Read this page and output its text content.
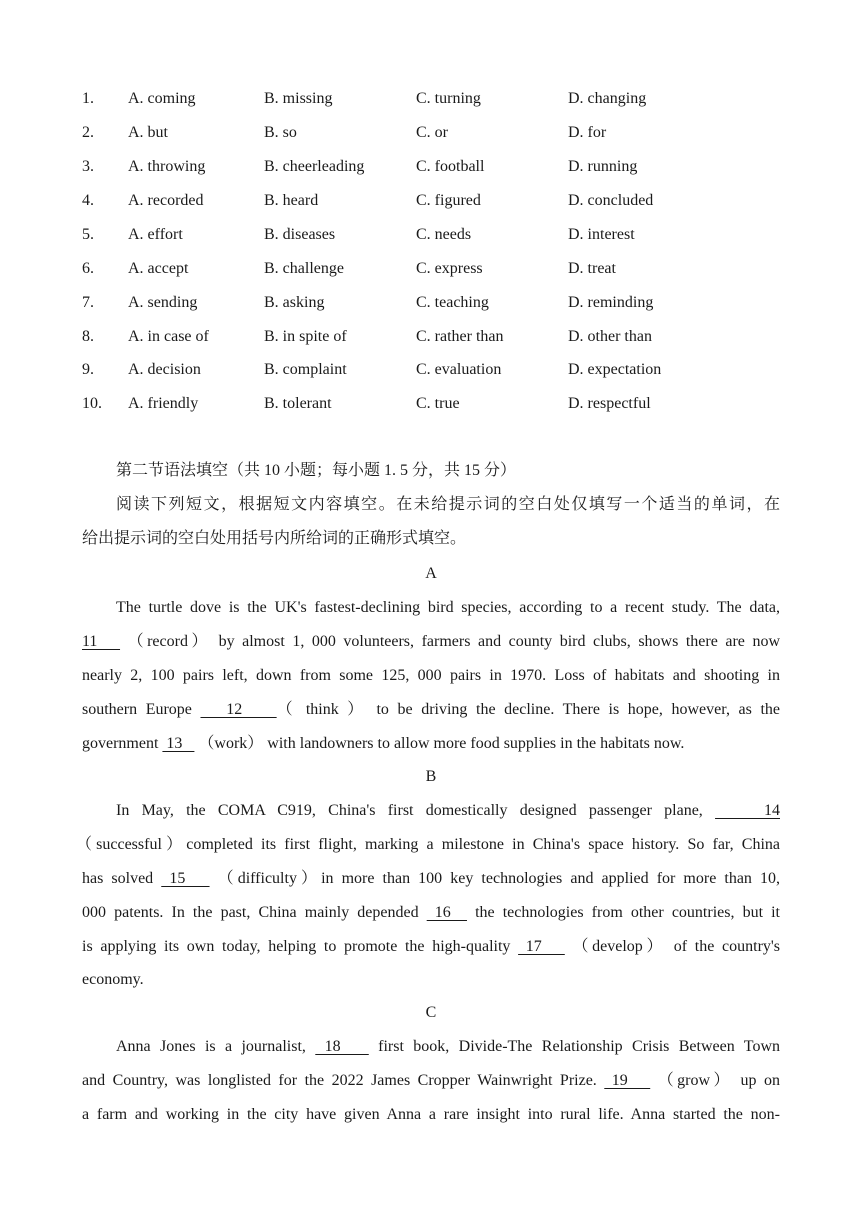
1. A. coming	B. missing	C. turning	D. changing
2. A. but	B. so	C. or	D. for
3. A. throwing	B. cheerleading	C. football	D. running
4. A. recorded	B. heard	C. figured	D. concluded
5. A. effort	B. diseases	C. needs	D. interest
6. A. accept	B. challenge	C. express	D. treat
7. A. sending	B. asking	C. teaching	D. reminding
8. A. in case of	B. in spite of	C. rather than	D. other than
9. A. decision	B. complaint	C. evaluation	D. expectation
10. A. friendly	B. tolerant	C. true	D. respectful
第二节语法填空（共 10 小题；每小题 1. 5 分，共 15 分）
阅读下列短文，根据短文内容填空。在未给提示词的空白处仅填写一个适当的单词，在
给出提示词的空白处用括号内所给词的正确形式填空。
A
The turtle dove is the UK's fastest-declining bird species, according to a recent study. The data,
11    （record） by almost 1, 000 volunteers, farmers and county bird clubs, shows there are now
nearly 2, 100 pairs left, down from some 125, 000 pairs in 1970. Loss of habitats and shooting in
southern Europe    12    （ think ） to be driving the decline. There is hope, however, as the
government  13    （work） with landowners to allow more food supplies in the habitats now.
B
In May, the COMA C919, China's first domestically designed passenger plane,     14
（successful）completed its first flight, marking a milestone in China's space history. So far, China
has solved  15    （difficulty）in more than 100 key technologies and applied for more than 10,
000 patents. In the past, China mainly depended  16   the technologies from other countries, but it
is applying its own today, helping to promote the high-quality  17    （develop） of the country's
economy.
C
Anna Jones is a journalist,  18    first book, Divide-The Relationship Crisis Between Town
and Country, was longlisted for the 2022 James Cropper Wainwright Prize.  19    （grow） up on
a farm and working in the city have given Anna a rare insight into rural life. Anna started the non-
